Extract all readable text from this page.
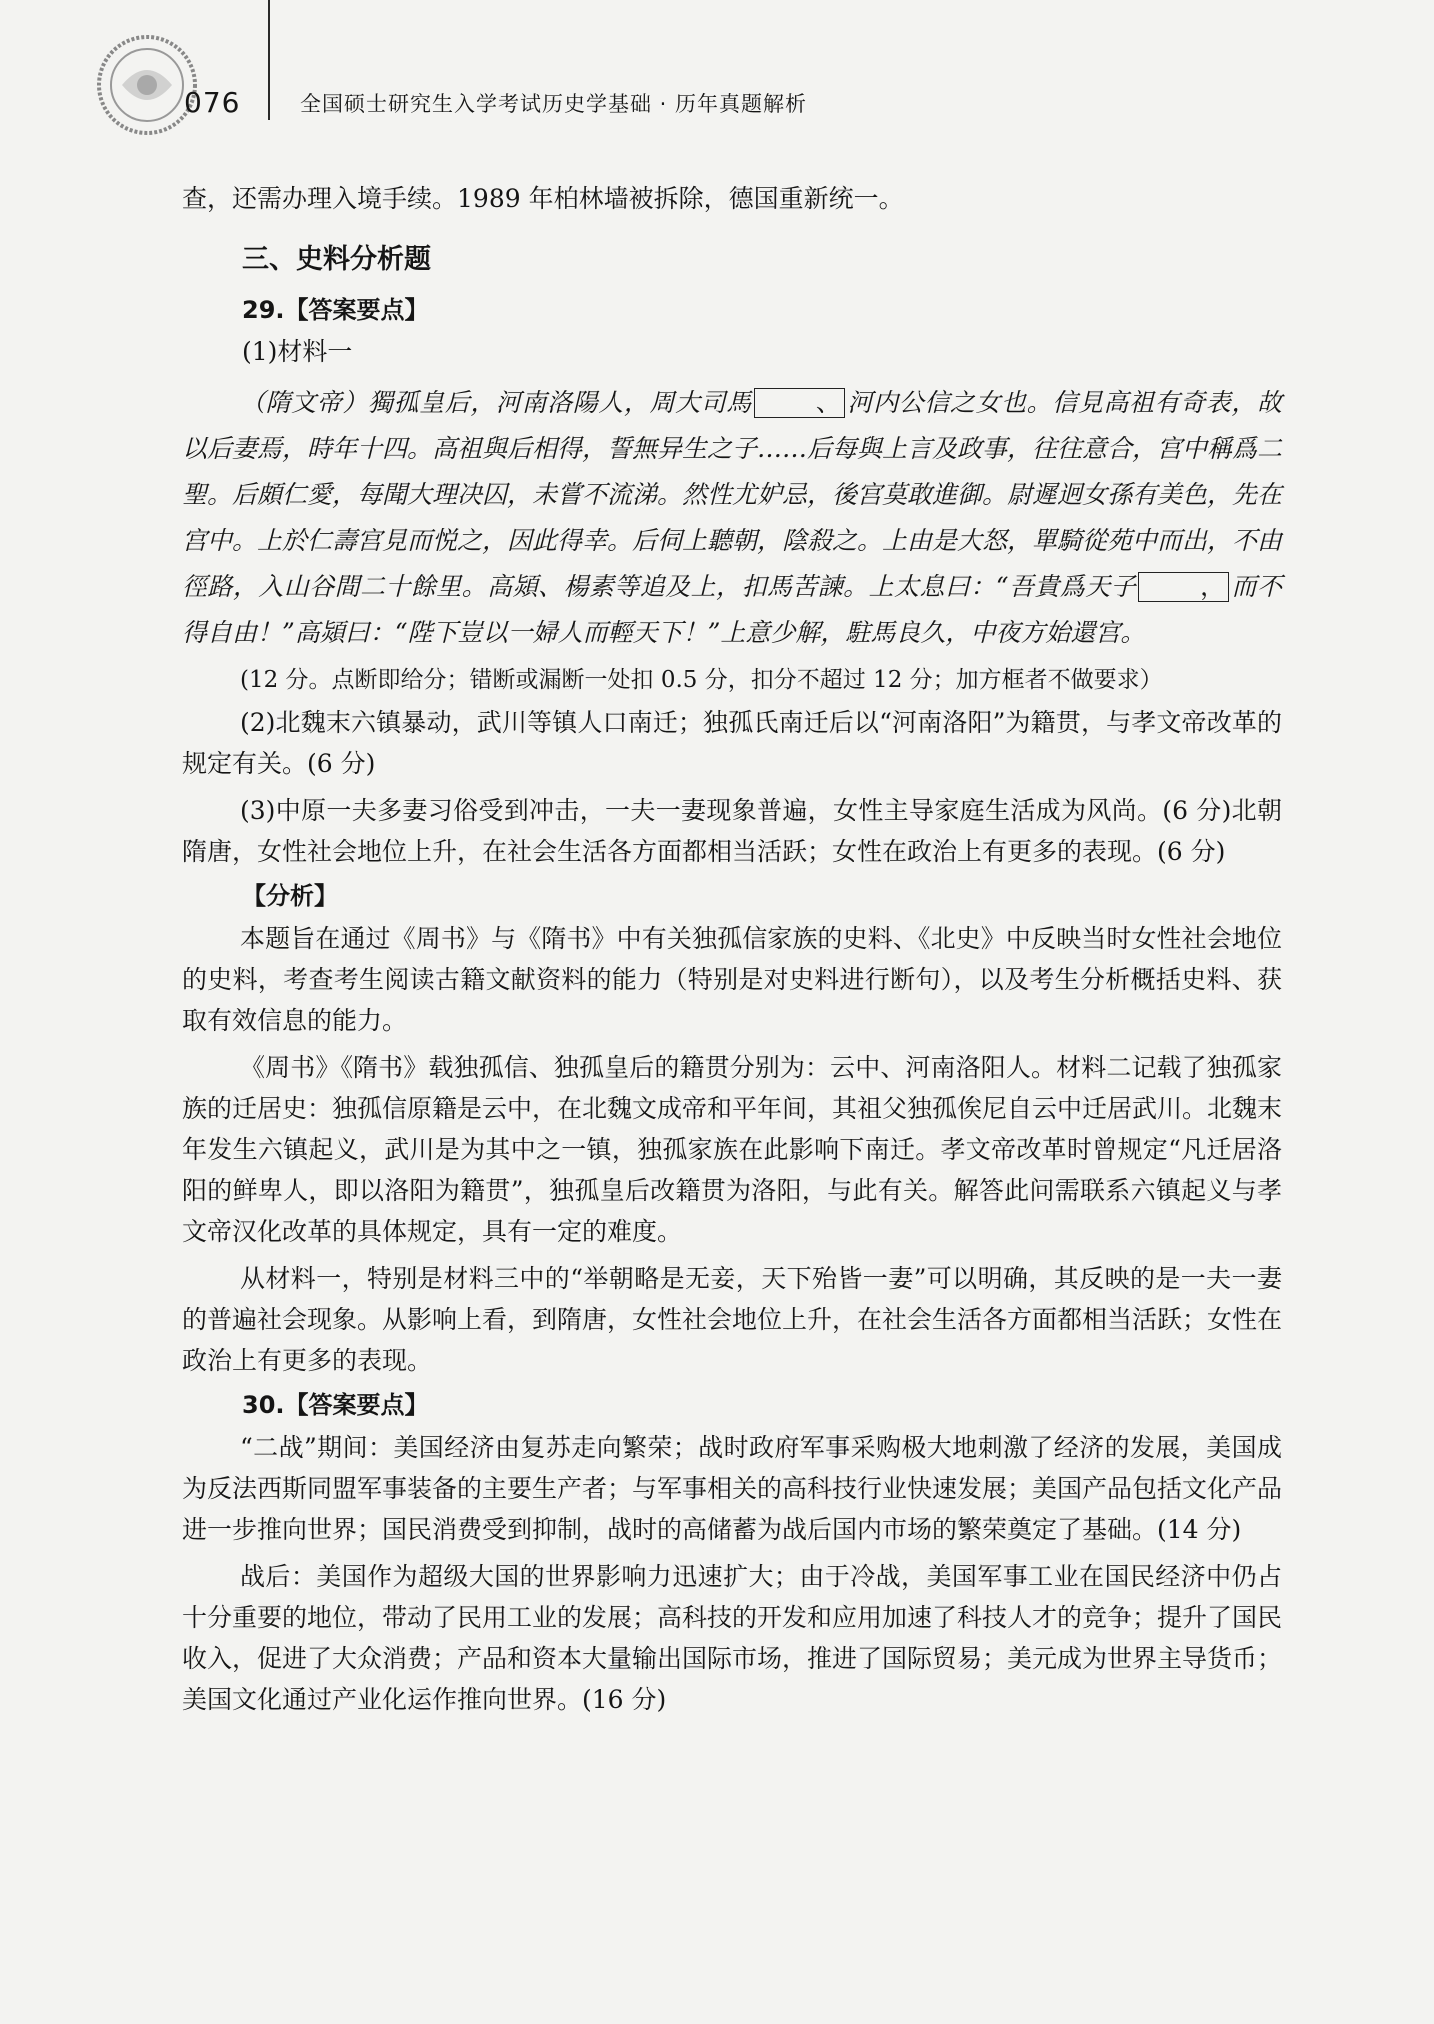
076	全国硕士研究生入学考试历史学基础 · 历年真题解析

查，还需办理入境手续。1989 年柏林墙被拆除，德国重新统一。

三、史料分析题
29.【答案要点】
(1)材料一

（隋文帝）獨孤皇后，河南洛陽人，周大司馬	、 河内公信之女也。信見高祖有奇表，故以后妻焉，時年十四。高祖與后相得，誓無异生之子……后每與上言及政事，往往意合，宫中稱爲二聖。后頗仁愛，每聞大理决囚，未嘗不流涕。然性尤妒忌，後宫莫敢進御。尉遲迥女孫有美色，先在宫中。上於仁壽宫見而悦之，因此得幸。后伺上聽朝，陰殺之。上由是大怒，單騎從苑中而出，不由徑路，入山谷間二十餘里。高熲、楊素等追及上，扣馬苦諫。上太息曰：“吾貴爲天子	， 而不得自由！”高熲曰：“陛下豈以一婦人而輕天下！”上意少解，駐馬良久，中夜方始還宫。

(12 分。点断即给分；错断或漏断一处扣 0.5 分，扣分不超过 12 分；加方框者不做要求）

(2)北魏末六镇暴动，武川等镇人口南迁；独孤氏南迁后以“河南洛阳”为籍贯，与孝文帝改革的规定有关。(6 分)

(3)中原一夫多妻习俗受到冲击，一夫一妻现象普遍，女性主导家庭生活成为风尚。(6 分)北朝隋唐，女性社会地位上升，在社会生活各方面都相当活跃；女性在政治上有更多的表现。(6 分)

【分析】

本题旨在通过《周书》与《隋书》中有关独孤信家族的史料、《北史》中反映当时女性社会地位的史料，考查考生阅读古籍文献资料的能力（特别是对史料进行断句），以及考生分析概括史料、获取有效信息的能力。

《周书》《隋书》载独孤信、独孤皇后的籍贯分别为：云中、河南洛阳人。材料二记载了独孤家族的迁居史：独孤信原籍是云中，在北魏文成帝和平年间，其祖父独孤俟尼自云中迁居武川。北魏末年发生六镇起义，武川是为其中之一镇，独孤家族在此影响下南迁。孝文帝改革时曾规定“凡迁居洛阳的鲜卑人，即以洛阳为籍贯”，独孤皇后改籍贯为洛阳，与此有关。解答此问需联系六镇起义与孝文帝汉化改革的具体规定，具有一定的难度。

从材料一，特别是材料三中的“举朝略是无妾，天下殆皆一妻”可以明确，其反映的是一夫一妻的普遍社会现象。从影响上看，到隋唐，女性社会地位上升，在社会生活各方面都相当活跃；女性在政治上有更多的表现。

30.【答案要点】

“二战”期间：美国经济由复苏走向繁荣；战时政府军事采购极大地刺激了经济的发展，美国成为反法西斯同盟军事装备的主要生产者；与军事相关的高科技行业快速发展；美国产品包括文化产品进一步推向世界；国民消费受到抑制，战时的高储蓄为战后国内市场的繁荣奠定了基础。(14 分)

战后：美国作为超级大国的世界影响力迅速扩大；由于冷战，美国军事工业在国民经济中仍占十分重要的地位，带动了民用工业的发展；高科技的开发和应用加速了科技人才的竞争；提升了国民收入，促进了大众消费；产品和资本大量输出国际市场，推进了国际贸易；美元成为世界主导货币；美国文化通过产业化运作推向世界。(16 分)
